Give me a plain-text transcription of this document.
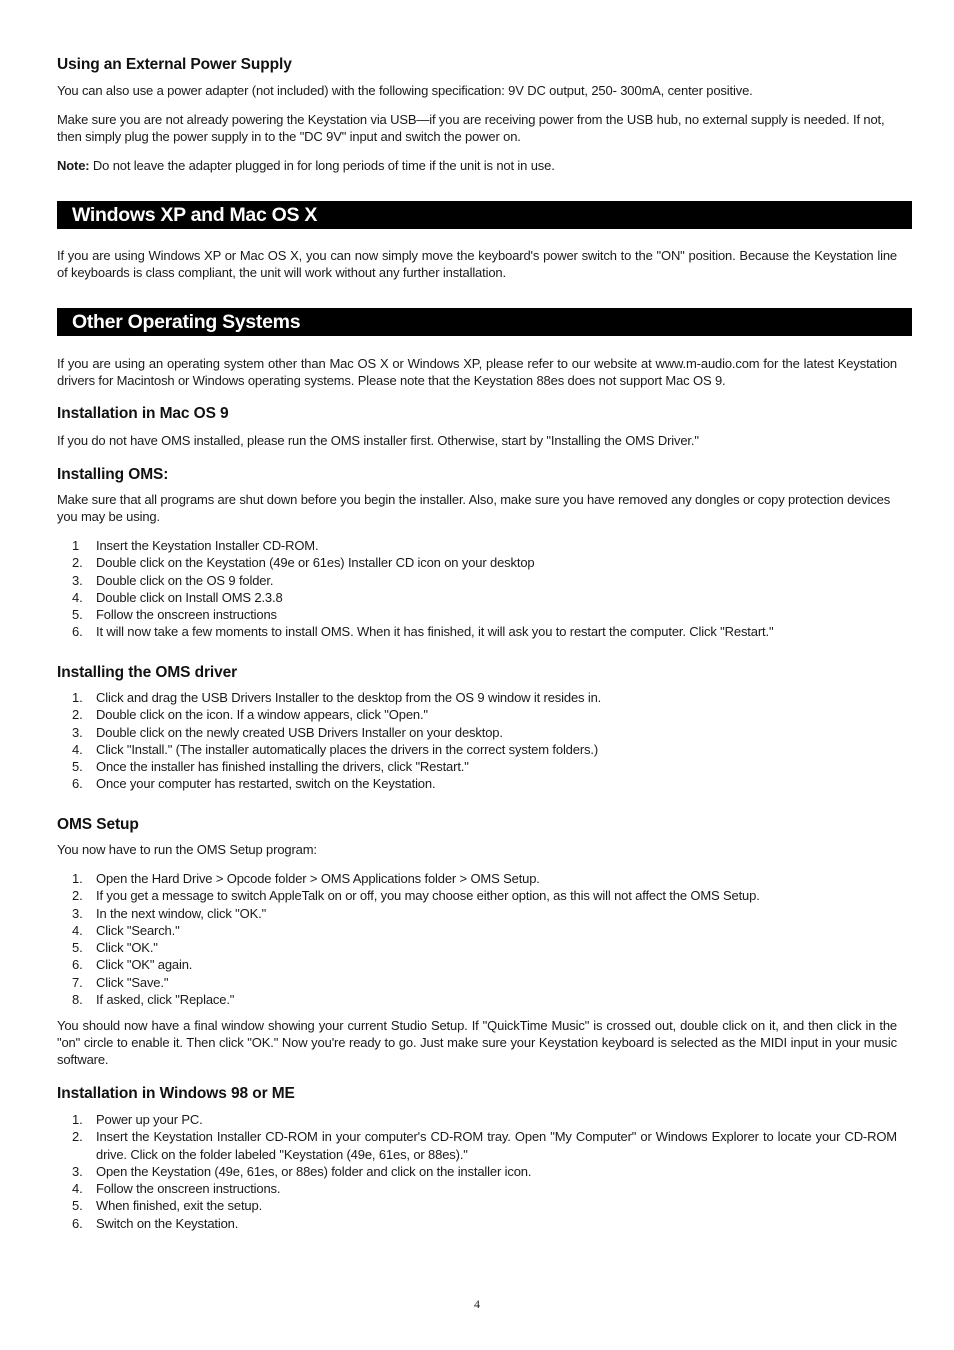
Using an External Power Supply

You can also use a power adapter (not included) with the following specification: 9V DC output, 250- 300mA, center positive.

Make sure you are not already powering the Keystation via USB—if you are receiving power from the USB hub, no external supply is needed. If not, then simply plug the power supply in to the "DC 9V" input and switch the power on.

Note: Do not leave the adapter plugged in for long periods of time if the unit is not in use.

Windows XP and Mac OS X

If you are using Windows XP or Mac OS X, you can now simply move the keyboard's power switch to the "ON" position. Because the Keystation line of keyboards is class compliant, the unit will work without any further installation.

Other Operating Systems

If you are using an operating system other than Mac OS X or Windows XP, please refer to our website at www.m-audio.com for the latest Keystation drivers for Macintosh or Windows operating systems. Please note that the Keystation 88es does not support Mac OS 9.

Installation in Mac OS 9

If you do not have OMS installed, please run the OMS installer first. Otherwise, start by "Installing the OMS Driver."

Installing OMS:

Make sure that all programs are shut down before you begin the installer. Also, make sure you have removed any dongles or copy protection devices you may be using.

1 Insert the Keystation Installer CD-ROM.
2. Double click on the Keystation (49e or 61es) Installer CD icon on your desktop
3. Double click on the OS 9 folder.
4. Double click on Install OMS 2.3.8
5. Follow the onscreen instructions
6. It will now take a few moments to install OMS. When it has finished, it will ask you to restart the computer. Click "Restart."
Installing the OMS driver
1. Click and drag the USB Drivers Installer to the desktop from the OS 9 window it resides in.
2. Double click on the icon. If a window appears, click "Open."
3. Double click on the newly created USB Drivers Installer on your desktop.
4. Click "Install." (The installer automatically places the drivers in the correct system folders.)
5. Once the installer has finished installing the drivers, click "Restart."
6. Once your computer has restarted, switch on the Keystation.
OMS Setup

You now have to run the OMS Setup program:

1. Open the Hard Drive > Opcode folder > OMS Applications folder > OMS Setup.
2. If you get a message to switch AppleTalk on or off, you may choose either option, as this will not affect the OMS Setup.
3. In the next window, click "OK."
4. Click "Search."
5. Click "OK."
6. Click "OK" again.
7. Click "Save."
8. If asked, click "Replace."

You should now have a final window showing your current Studio Setup. If "QuickTime Music" is crossed out, double click on it, and then click in the "on" circle to enable it. Then click "OK." Now you're ready to go. Just make sure your Keystation keyboard is selected as the MIDI input in your music software.

Installation in Windows 98 or ME
1. Power up your PC.
2. Insert the Keystation Installer CD-ROM in your computer's CD-ROM tray. Open "My Computer" or Windows Explorer to locate your CD-ROM drive. Click on the folder labeled "Keystation (49e, 61es, or 88es)."
3. Open the Keystation (49e, 61es, or 88es) folder and click on the installer icon.
4. Follow the onscreen instructions.
5. When finished, exit the setup.
6. Switch on the Keystation.
4
